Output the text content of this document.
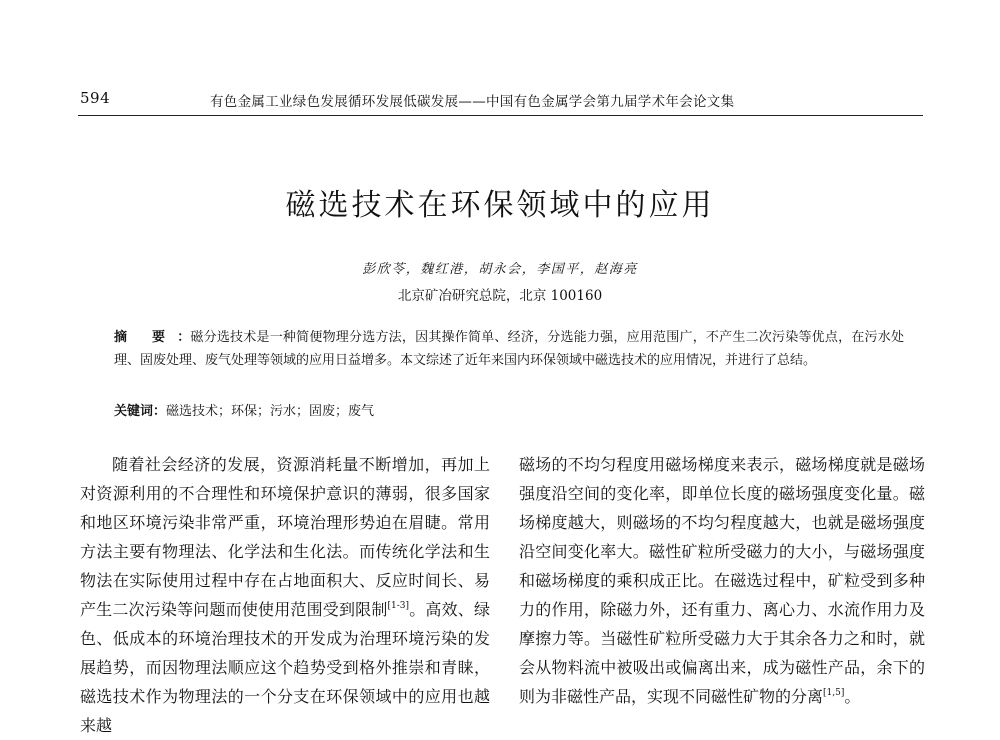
594	有色金属工业绿色发展循环发展低碳发展——中国有色金属学会第九届学术年会论文集
磁选技术在环保领域中的应用
彭欣苓，魏红港，胡永会，李国平，赵海亮
北京矿冶研究总院，北京 100160
摘 要 ：磁分选技术是一种简便物理分选方法，因其操作简单、经济，分选能力强，应用范围广，不产生二次污染等优点，在污水处理、固废处理、废气处理等领域的应用日益增多。本文综述了近年来国内环保领域中磁选技术的应用情况，并进行了总结。
关键词：磁选技术；环保；污水；固废；废气

随着社会经济的发展，资源消耗量不断增加，再加上对资源利用的不合理性和环境保护意识的薄弱，很多国家和地区环境污染非常严重，环境治理形势迫在眉睫。常用方法主要有物理法、化学法和生化法。而传统化学法和生物法在实际使用过程中存在占地面积大、反应时间长、易产生二次污染等问题而使使用范围受到限制[1-3]。高效、绿色、低成本的环境治理技术的开发成为治理环境污染的发展趋势，而因物理法顺应这个趋势受到格外推崇和青睐，磁选技术作为物理法的一个分支在环保领域中的应用也越来越

磁场的不均匀程度用磁场梯度来表示，磁场梯度就是磁场强度沿空间的变化率，即单位长度的磁场强度变化量。磁场梯度越大，则磁场的不均匀程度越大，也就是磁场强度沿空间变化率大。磁性矿粒所受磁力的大小，与磁场强度和磁场梯度的乘积成正比。在磁选过程中，矿粒受到多种力的作用，除磁力外，还有重力、离心力、水流作用力及摩擦力等。当磁性矿粒所受磁力大于其余各力之和时，就会从物料流中被吸出或偏离出来，成为磁性产品，余下的则为非磁性产品，实现不同磁性矿物的分离[1,5]。
